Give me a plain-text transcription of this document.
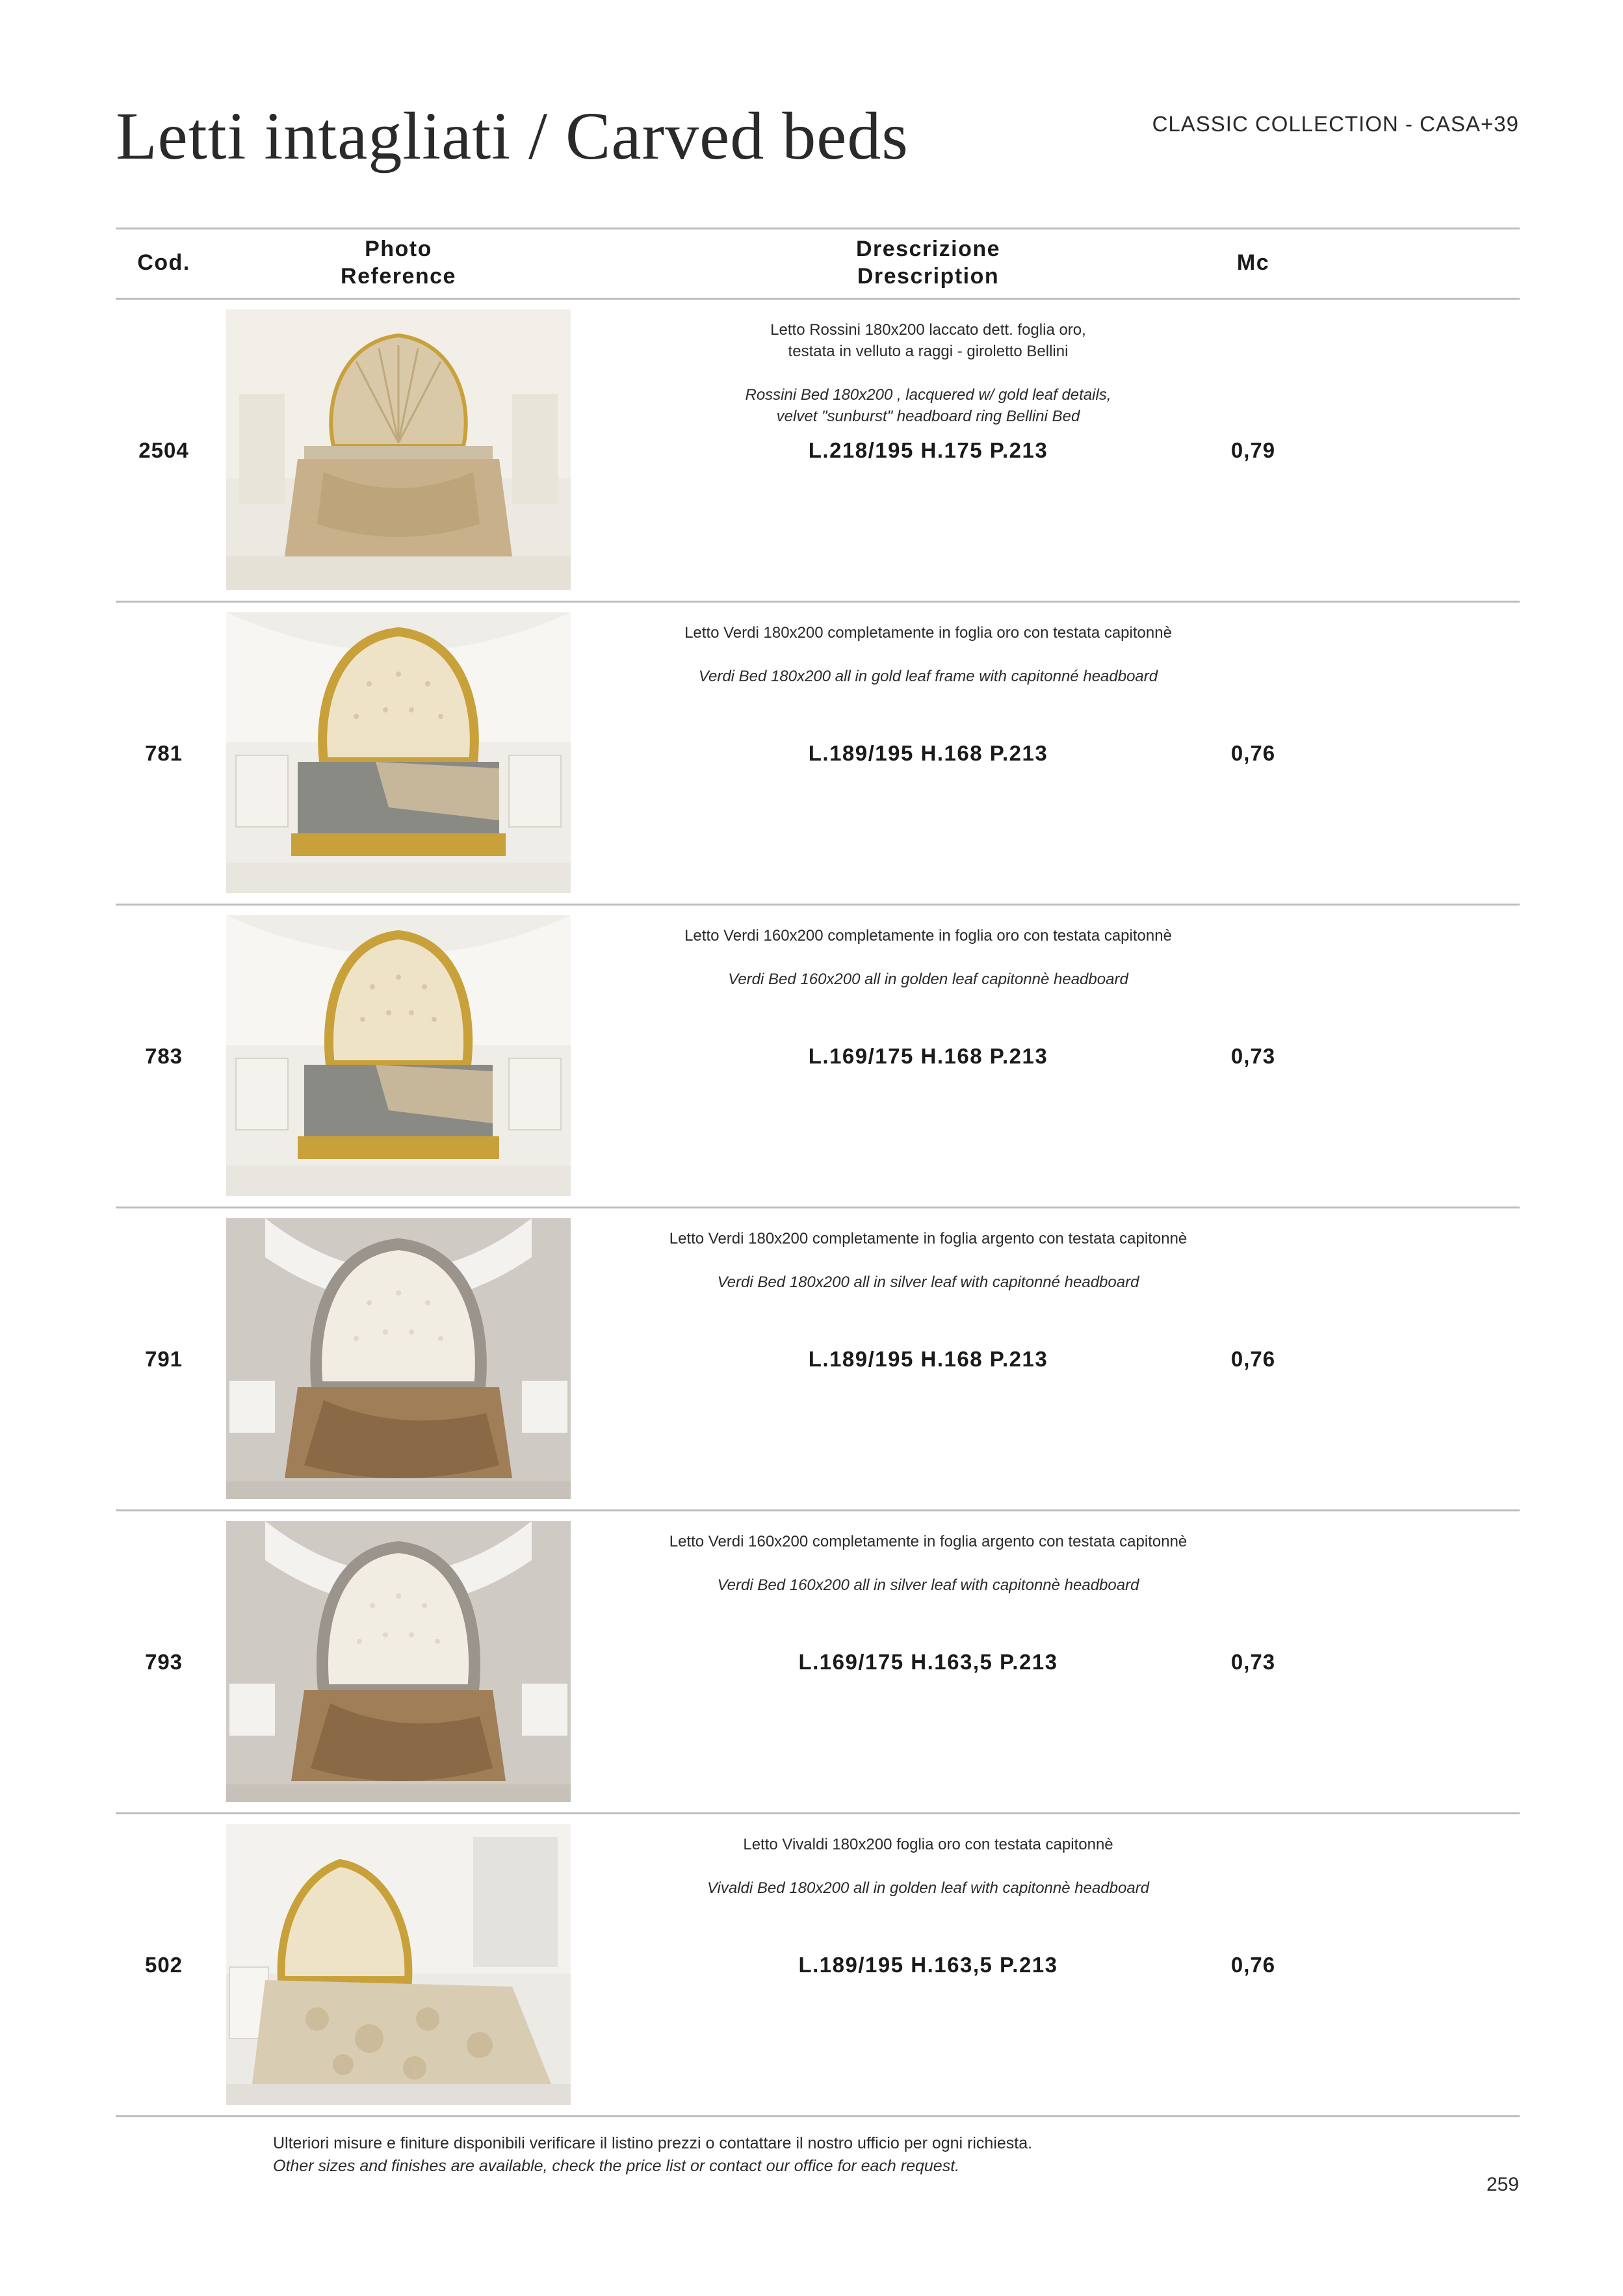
Letti intagliati / Carved beds	CLASSIC COLLECTION - CASA+39
Cod.
Photo
Reference
Drescrizione
Drescription
Mc
2504
Letto Rossini 180x200 laccato dett. foglia oro,
testata in velluto a raggi - giroletto Bellini
Rossini Bed 180x200 , lacquered w/ gold leaf details,
velvet "sunburst" headboard ring Bellini Bed
L.218/195 H.175 P.213	0,79
781
Letto Verdi 180x200 completamente in foglia oro con testata capitonnè
Verdi Bed 180x200 all in gold leaf frame with capitonné headboard
L.189/195 H.168 P.213	0,76
783
Letto Verdi 160x200 completamente in foglia oro con testata capitonnè
Verdi Bed 160x200 all in golden leaf capitonnè headboard
L.169/175 H.168 P.213	0,73
791
Letto Verdi 180x200 completamente in foglia argento con testata capitonnè
Verdi Bed 180x200 all in silver leaf with capitonné headboard
L.189/195 H.168 P.213	0,76
793
Letto Verdi 160x200 completamente in foglia argento con testata capitonnè
Verdi Bed 160x200 all in silver leaf with capitonnè headboard
L.169/175 H.163,5 P.213	0,73
502
Letto Vivaldi 180x200 foglia oro con testata capitonnè
Vivaldi Bed 180x200 all in golden leaf with capitonnè headboard
L.189/195 H.163,5 P.213	0,76
Ulteriori misure e finiture disponibili verificare il listino prezzi o contattare il nostro ufficio per ogni richiesta.
Other sizes and finishes are available, check the price list or contact our office for each request.
259
